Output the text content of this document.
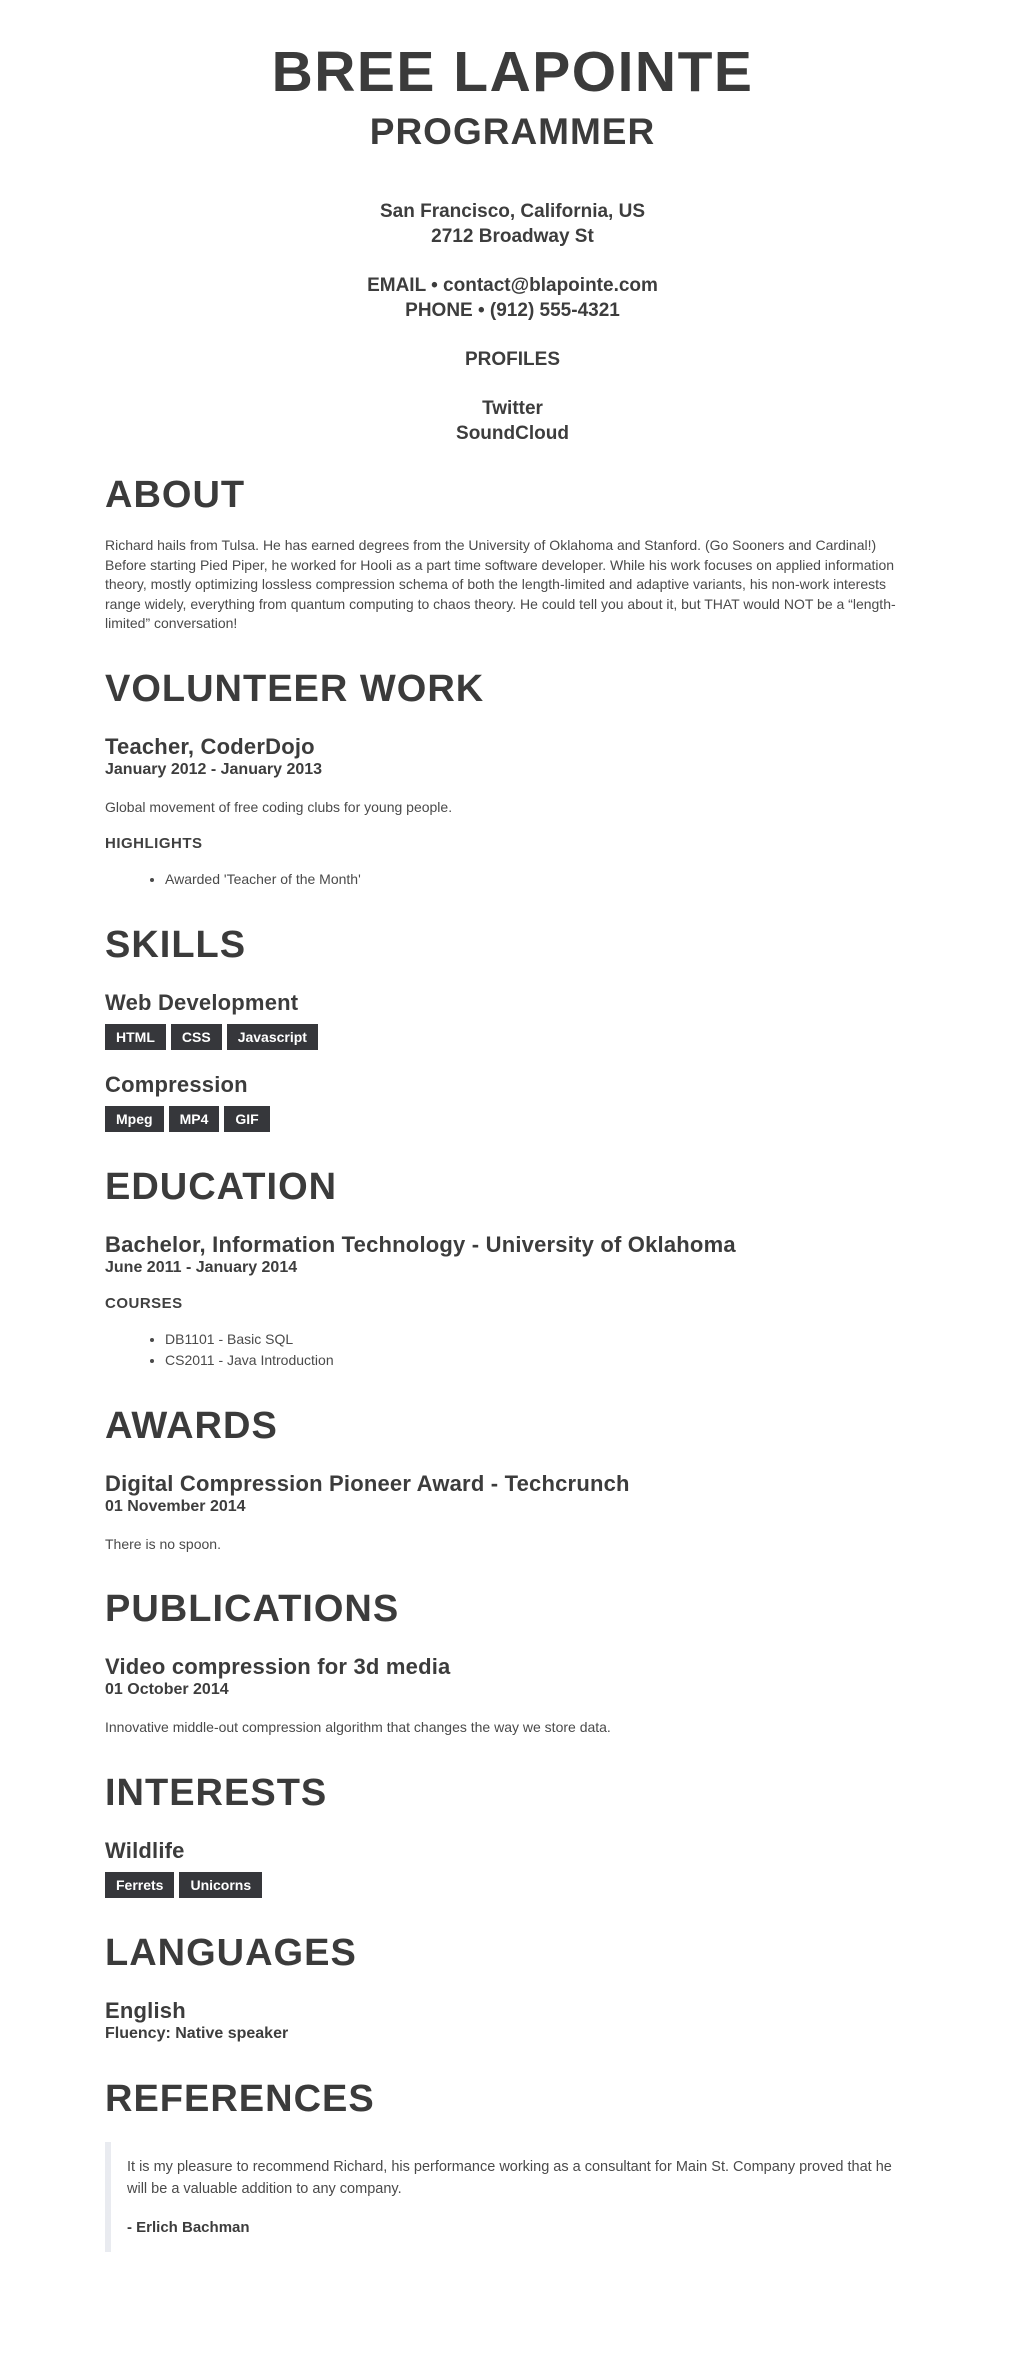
BREE LAPOINTE
PROGRAMMER

San Francisco, California, US
2712 Broadway St

EMAIL • contact@blapointe.com
PHONE • (912) 555-4321

PROFILES

Twitter
SoundCloud

ABOUT

Richard hails from Tulsa. He has earned degrees from the University of Oklahoma and Stanford. (Go Sooners and Cardinal!) Before starting Pied Piper, he worked for Hooli as a part time software developer. While his work focuses on applied information theory, mostly optimizing lossless compression schema of both the length-limited and adaptive variants, his non-work interests range widely, everything from quantum computing to chaos theory. He could tell you about it, but THAT would NOT be a “length-limited” conversation!

VOLUNTEER WORK
Teacher, CoderDojo
January 2012 - January 2013

Global movement of free coding clubs for young people.

HIGHLIGHTS

• Awarded 'Teacher of the Month'
SKILLS
Web Development
HTML	CSS	Javascript
Compression
Mpeg	MP4	GIF
EDUCATION
Bachelor, Information Technology - University of Oklahoma
June 2011 - January 2014

COURSES

• DB1101 - Basic SQL
• CS2011 - Java Introduction
AWARDS
Digital Compression Pioneer Award - Techcrunch
01 November 2014

There is no spoon.

PUBLICATIONS
Video compression for 3d media
01 October 2014

Innovative middle-out compression algorithm that changes the way we store data.

INTERESTS
Wildlife
Ferrets	Unicorns
LANGUAGES
English
Fluency: Native speaker
REFERENCES

It is my pleasure to recommend Richard, his performance working as a consultant for Main St. Company proved that he will be a valuable addition to any company.

- Erlich Bachman
